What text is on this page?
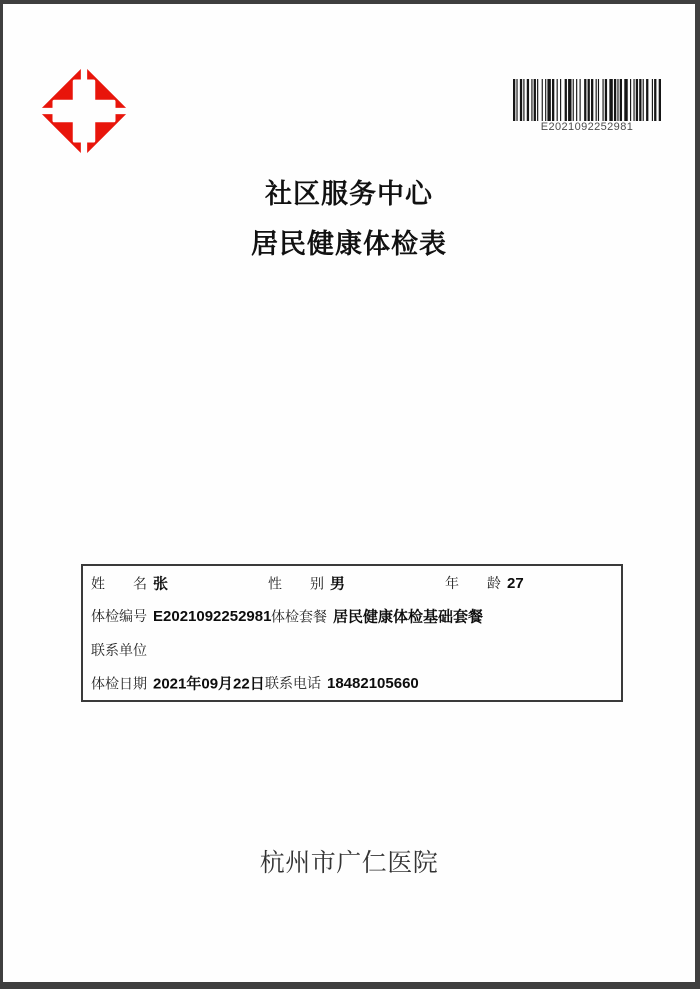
E2021092252981
社区服务中心
居民健康体检表
姓　　名 张	性　　别 男	年　　龄 27
体检编号 E2021092252981 体检套餐 居民健康体检基础套餐
联系单位
体检日期 2021年09月22日 联系电话 18482105660
杭州市广仁医院
